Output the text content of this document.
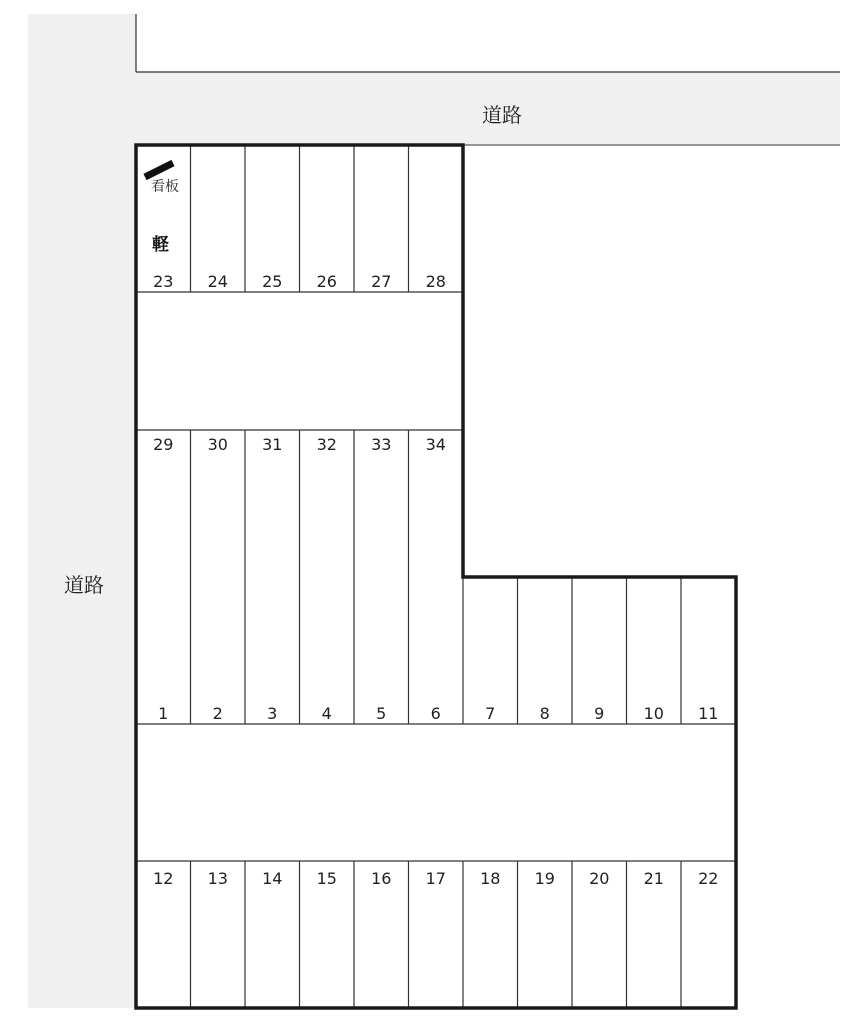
道路
道路
看板
軽
23 24 25 26 27 28
29 30 31 32 33 34
1	2	3	4	5	6	7	8	9 10 11
12 13 14 15 16 17 18 19 20 21 22
